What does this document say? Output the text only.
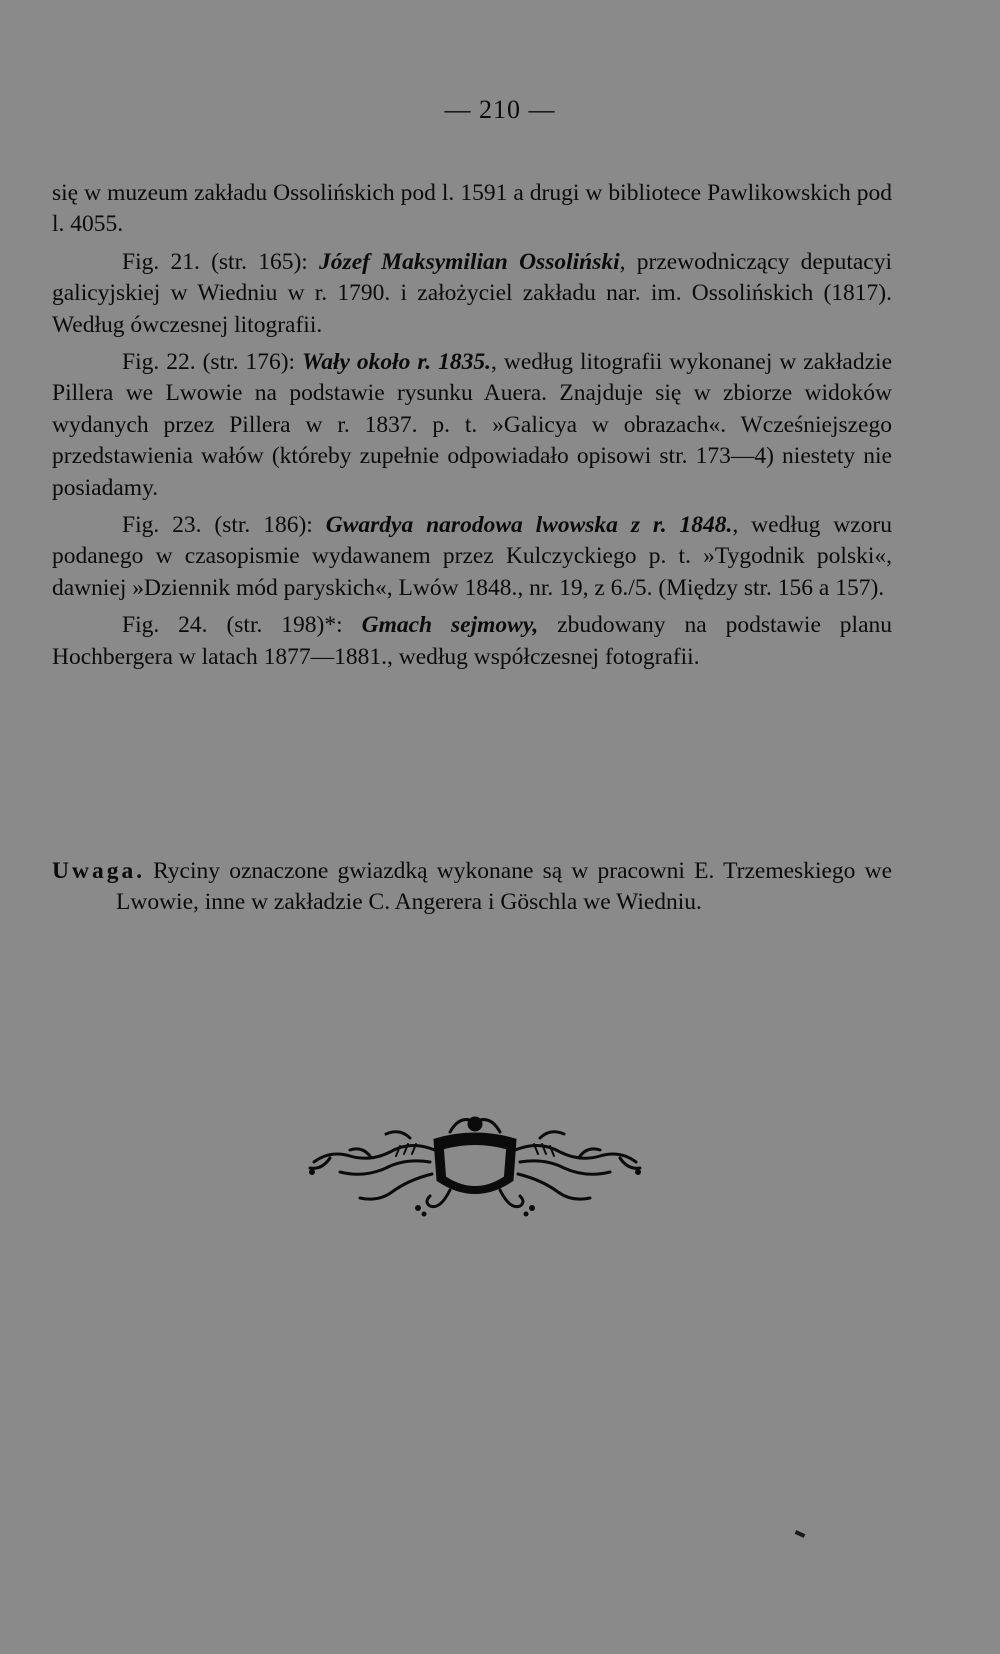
— 210 —

się w muzeum zakładu Ossolińskich pod l. 1591 a drugi w bibliotece Pawlikowskich pod l. 4055.

Fig. 21. (str. 165): Józef Maksymilian Ossoliński, przewodniczący deputacyi galicyjskiej w Wiedniu w r. 1790. i założyciel zakładu nar. im. Ossolińskich (1817). Według ówczesnej litografii.

Fig. 22. (str. 176): Wały około r. 1835., według litografii wykonanej w zakładzie Pillera we Lwowie na podstawie rysunku Auera. Znajduje się w zbiorze widoków wydanych przez Pillera w r. 1837. p. t. »Galicya w obrazach«. Wcześniejszego przedstawienia wałów (któreby zupełnie odpowiadało opisowi str. 173—4) niestety nie posiadamy.

Fig. 23. (str. 186): Gwardya narodowa lwowska z r. 1848., według wzoru podanego w czasopismie wydawanem przez Kulczyckiego p. t. »Tygodnik polski«, dawniej »Dziennik mód paryskich«, Lwów 1848., nr. 19, z 6./5. (Między str. 156 a 157).

Fig. 24. (str. 198)*: Gmach sejmowy, zbudowany na podstawie planu Hochbergera w latach 1877—1881., według współczesnej fotografii.

Uwaga. Ryciny oznaczone gwiazdką wykonane są w pracowni E. Trzemeskiego we Lwowie, inne w zakładzie C. Angerera i Göschla we Wiedniu.
